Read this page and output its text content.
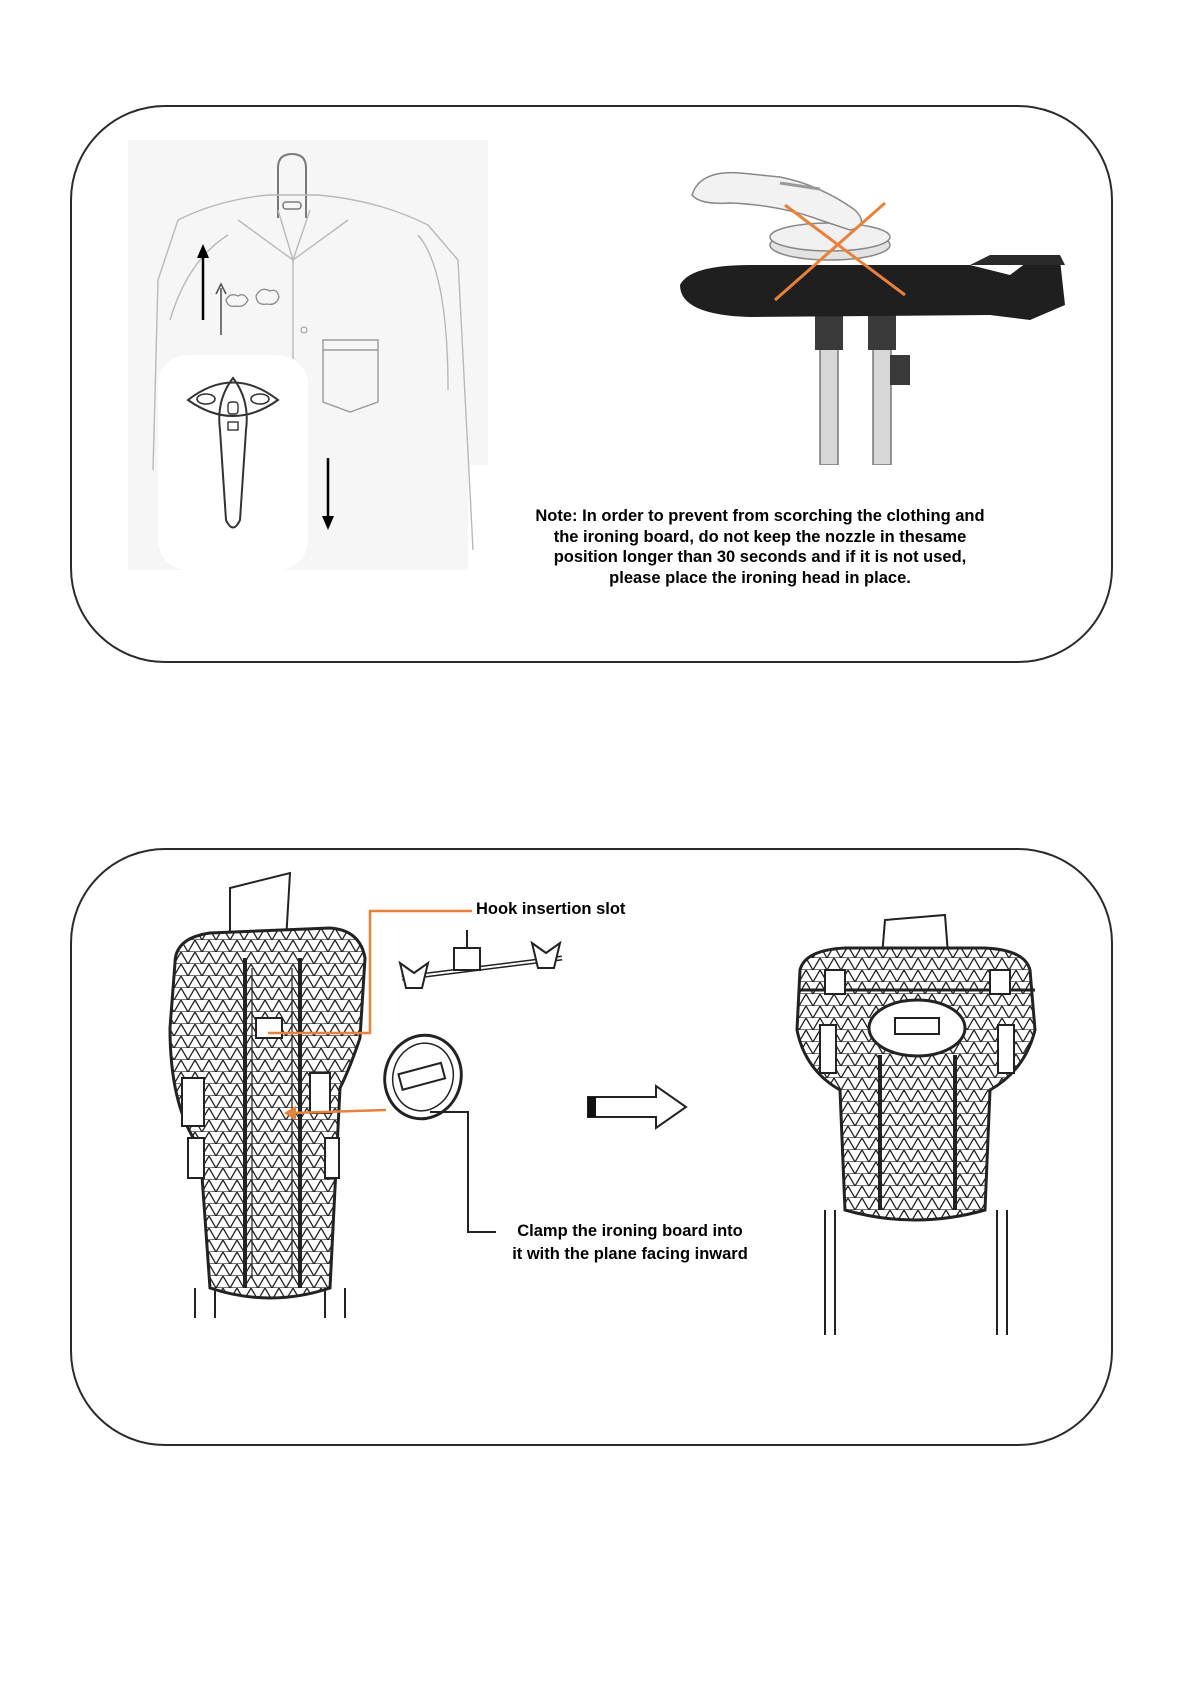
Note: In order to prevent from scorching the clothing and
the ironing board, do not keep the nozzle in thesame
position longer than 30 seconds and if it is not used,
please place the ironing head in place.
Hook insertion slot
Clamp the ironing board into
it with the plane facing inward
